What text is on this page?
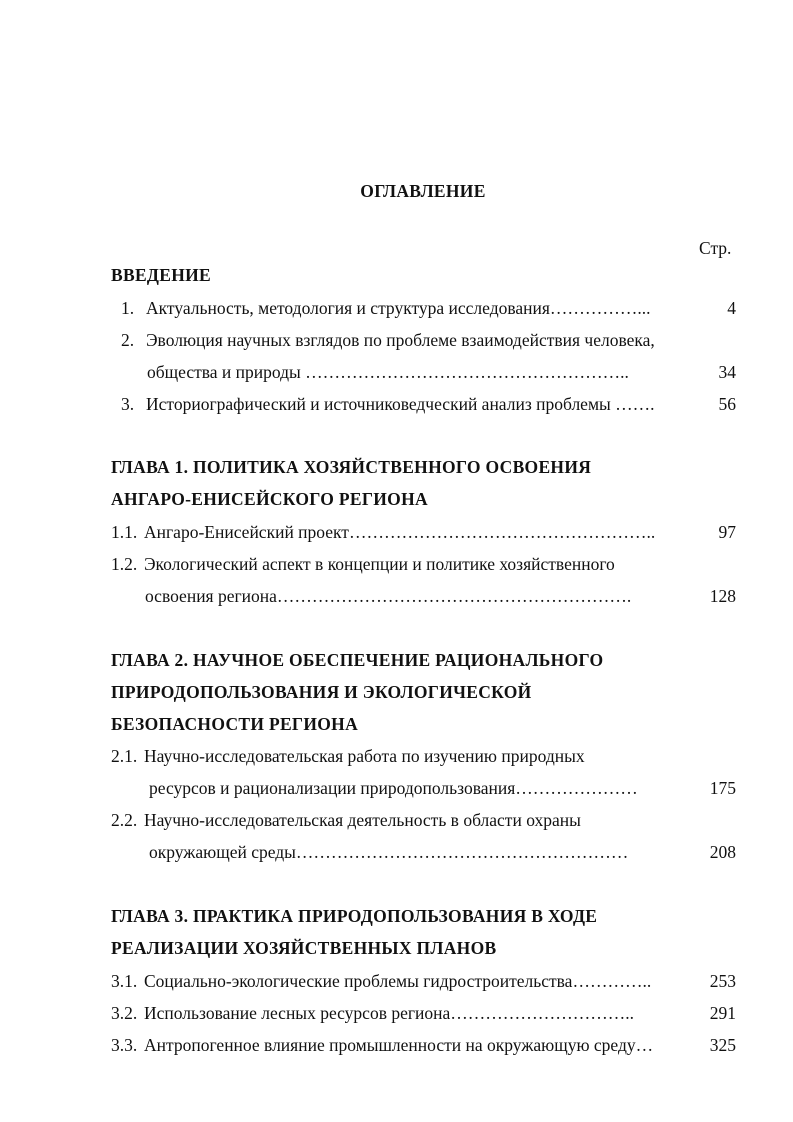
ОГЛАВЛЕНИЕ
Стр.
ВВЕДЕНИЕ
1. Актуальность, методология и структура исследования……………...	4
2. Эволюция научных взглядов по проблеме взаимодействия человека,
общества и природы ………………………………………………..	34
3. Историографический и источниковедческий анализ проблемы …….	56
ГЛАВА 1. ПОЛИТИКА ХОЗЯЙСТВЕННОГО ОСВОЕНИЯ
АНГАРО-ЕНИСЕЙСКОГО РЕГИОНА
1.1. Ангаро-Енисейский проект……………………………………………..	97
1.2. Экологический аспект в концепции и политике хозяйственного
освоения региона…………………………………………………….	128
ГЛАВА 2. НАУЧНОЕ ОБЕСПЕЧЕНИЕ РАЦИОНАЛЬНОГО
ПРИРОДОПОЛЬЗОВАНИЯ И ЭКОЛОГИЧЕСКОЙ
БЕЗОПАСНОСТИ РЕГИОНА
2.1. Научно-исследовательская работа по изучению природных
ресурсов и рационализации природопользования…………………	175
2.2. Научно-исследовательская деятельность в области охраны
окружающей среды…………………………………………………	208
ГЛАВА 3. ПРАКТИКА ПРИРОДОПОЛЬЗОВАНИЯ В ХОДЕ
РЕАЛИЗАЦИИ ХОЗЯЙСТВЕННЫХ ПЛАНОВ
3.1. Социально-экологические проблемы гидростроительства…………..	253
3.2. Использование лесных ресурсов региона…………………………..	291
3.3. Антропогенное влияние промышленности на окружающую среду…	325
